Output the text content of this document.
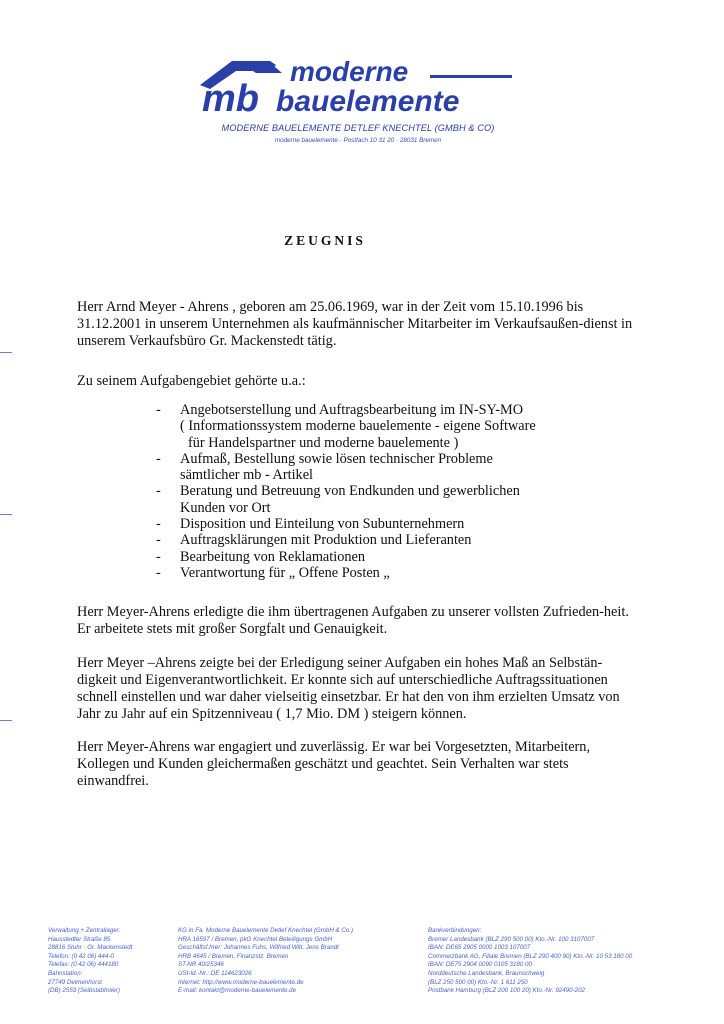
mb
moderne
bauelemente
MODERNE BAUELEMENTE DETLEF KNECHTEL (GMBH & CO)
moderne bauelemente · Postfach 10 31 20 · 28031 Bremen
ZEUGNIS
Herr Arnd Meyer - Ahrens , geboren am 25.06.1969, war in der Zeit vom 15.10.1996 bis 31.12.2001 in unserem Unternehmen als kaufmännischer Mitarbeiter im Verkaufsaußen-dienst in unserem Verkaufsbüro Gr. Mackenstedt tätig.
Zu seinem Aufgabengebiet gehörte u.a.:
- Angebotserstellung und Auftragsbearbeitung im IN-SY-MO
( Informationssystem moderne bauelemente - eigene Software
für Handelspartner und moderne bauelemente )
- Aufmaß, Bestellung sowie lösen technischer Probleme
sämtlicher mb - Artikel
- Beratung und Betreuung von Endkunden und gewerblichen
Kunden vor Ort
- Disposition und Einteilung von Subunternehmern
- Auftragsklärungen mit Produktion und Lieferanten
- Bearbeitung von Reklamationen
- Verantwortung für „ Offene Posten „
Herr Meyer-Ahrens erledigte die ihm übertragenen Aufgaben zu unserer vollsten Zufrieden-heit. Er arbeitete stets mit großer Sorgfalt und Genauigkeit.
Herr Meyer –Ahrens zeigte bei der Erledigung seiner Aufgaben ein hohes Maß an Selbstän-digkeit und Eigenverantwortlichkeit. Er konnte sich auf unterschiedliche Auftragssituationen schnell einstellen und war daher vielseitig einsetzbar. Er hat den von ihm erzielten Umsatz von Jahr zu Jahr auf ein Spitzenniveau ( 1,7 Mio. DM ) steigern können.
Herr Meyer-Ahrens war engagiert und zuverlässig. Er war bei Vorgesetzten, Mitarbeitern, Kollegen und Kunden gleichermaßen geschätzt und geachtet. Sein Verhalten war stets einwandfrei.
Verwaltung + Zentrallager:
Hausstedter Straße 85
28816 Stuhr · Gr. Mackenstedt
Telefon: (0 42 06) 444-0
Telefax: (0 42 06) 444180
Bahnstation:
27749 Delmenhorst
(DB) 2553 (Seibstabholer)
KG in Fa. Moderne Bauelemente Detlef Knechtel (GmbH & Co.)
HRA 16597 / Bremen, pkG Knechtel Beteiligungs GmbH
Geschäftsf.hrer: Johannes Fuhs, Wilfried Witt, Jens Brandt
HRB 4645 / Bremen, Finanzstz. Bremen
ST-NR 40/25346
USt-Id.-Nr.: DE 114623026
Internet: http://www.moderne-bauelemente.de
E-mail: kontakt@moderne-bauelemente.de
Bankverbindungen:
Bremer Landesbank (BLZ 290 500 00) Kto.-Nr. 100 3107007
IBAN: DE65 2905 0000 1003 107007
Commerzbank AG, Filiale Bremen (BLZ 290 400 90) Kto.-Nr. 10 53 180 00
IBAN: DE75 2904 0090 0105 3180 00
Norddeutsche Landesbank, Braunschweig
(BLZ 250 500 00) Kto.-Nr. 1 611 250
Postbank Hamburg (BLZ 200 100 20) Kto.-Nr. 92490-202
